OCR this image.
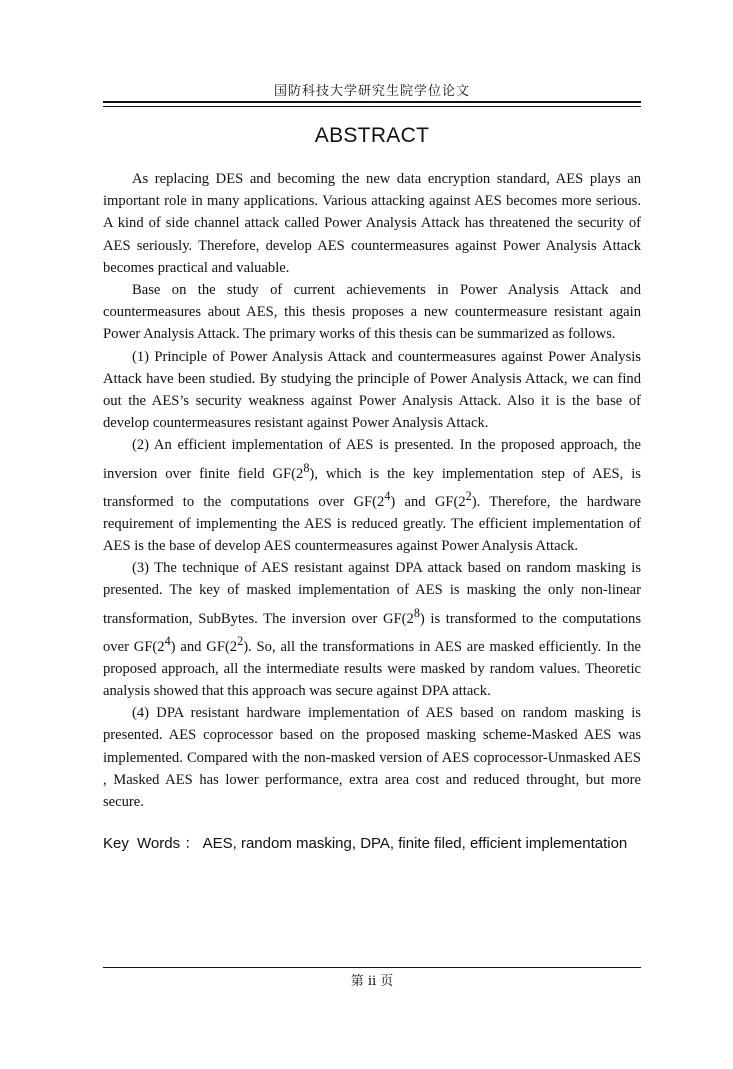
国防科技大学研究生院学位论文
ABSTRACT

As replacing DES and becoming the new data encryption standard, AES plays an important role in many applications. Various attacking against AES becomes more serious. A kind of side channel attack called Power Analysis Attack has threatened the security of AES seriously. Therefore, develop AES countermeasures against Power Analysis Attack becomes practical and valuable.

Base on the study of current achievements in Power Analysis Attack and countermeasures about AES, this thesis proposes a new countermeasure resistant again Power Analysis Attack. The primary works of this thesis can be summarized as follows.

(1) Principle of Power Analysis Attack and countermeasures against Power Analysis Attack have been studied. By studying the principle of Power Analysis Attack, we can find out the AES’s security weakness against Power Analysis Attack. Also it is the base of develop countermeasures resistant against Power Analysis Attack.

(2) An efficient implementation of AES is presented. In the proposed approach, the inversion over finite field $GF(2^8)$, which is the key implementation step of AES, is transformed to the computations over $GF(2^4)$ and $GF(2^2)$. Therefore, the hardware requirement of implementing the AES is reduced greatly. The efficient implementation of AES is the base of develop AES countermeasures against Power Analysis Attack.

(3) The technique of AES resistant against DPA attack based on random masking is presented. The key of masked implementation of AES is masking the only non-linear transformation, SubBytes. The inversion over $GF(2^8)$ is transformed to the computations over $GF(2^4)$ and $GF(2^2)$. So, all the transformations in AES are masked efficiently. In the proposed approach, all the intermediate results were masked by random values. Theoretic analysis showed that this approach was secure against DPA attack.

(4) DPA resistant hardware implementation of AES based on random masking is presented. AES coprocessor based on the proposed masking scheme-Masked AES was implemented. Compared with the non-masked version of AES coprocessor-Unmasked AES , Masked AES has lower performance, extra area cost and reduced throught, but more secure.

Key Words ： AES, random masking, DPA, finite filed, efficient implementation
第 ii 页
